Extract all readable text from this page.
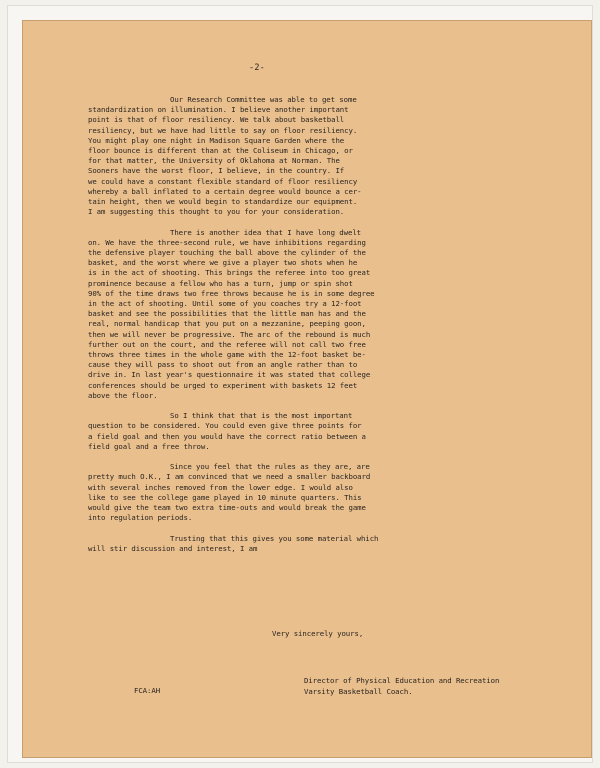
-2-
Our Research Committee was able to get some
standardization on illumination. I believe another important
point is that of floor resiliency. We talk about basketball
resiliency, but we have had little to say on floor resiliency.
You might play one night in Madison Square Garden where the
floor bounce is different than at the Coliseum in Chicago, or
for that matter, the University of Oklahoma at Norman. The
Sooners have the worst floor, I believe, in the country. If
we could have a constant flexible standard of floor resiliency
whereby a ball inflated to a certain degree would bounce a cer-
tain height, then we would begin to standardize our equipment.
I am suggesting this thought to you for your consideration.
There is another idea that I have long dwelt
on. We have the three-second rule, we have inhibitions regarding
the defensive player touching the ball above the cylinder of the
basket, and the worst where we give a player two shots when he
is in the act of shooting. This brings the referee into too great
prominence because a fellow who has a turn, jump or spin shot
90% of the time draws two free throws because he is in some degree
in the act of shooting. Until some of you coaches try a 12-foot
basket and see the possibilities that the little man has and the
real, normal handicap that you put on a mezzanine, peeping goon,
then we will never be progressive. The arc of the rebound is much
further out on the court, and the referee will not call two free
throws three times in the whole game with the 12-foot basket be-
cause they will pass to shoot out from an angle rather than to
drive in. In last year's questionnaire it was stated that college
conferences should be urged to experiment with baskets 12 feet
above the floor.
So I think that that is the most important
question to be considered. You could even give three points for
a field goal and then you would have the correct ratio between a
field goal and a free throw.
Since you feel that the rules as they are, are
pretty much O.K., I am convinced that we need a smaller backboard
with several inches removed from the lower edge. I would also
like to see the college game played in 10 minute quarters. This
would give the team two extra time-outs and would break the game
into regulation periods.
Trusting that this gives you some material which
will stir discussion and interest, I am
Very sincerely yours,
Director of Physical Education and Recreation
Varsity Basketball Coach.
FCA:AH
